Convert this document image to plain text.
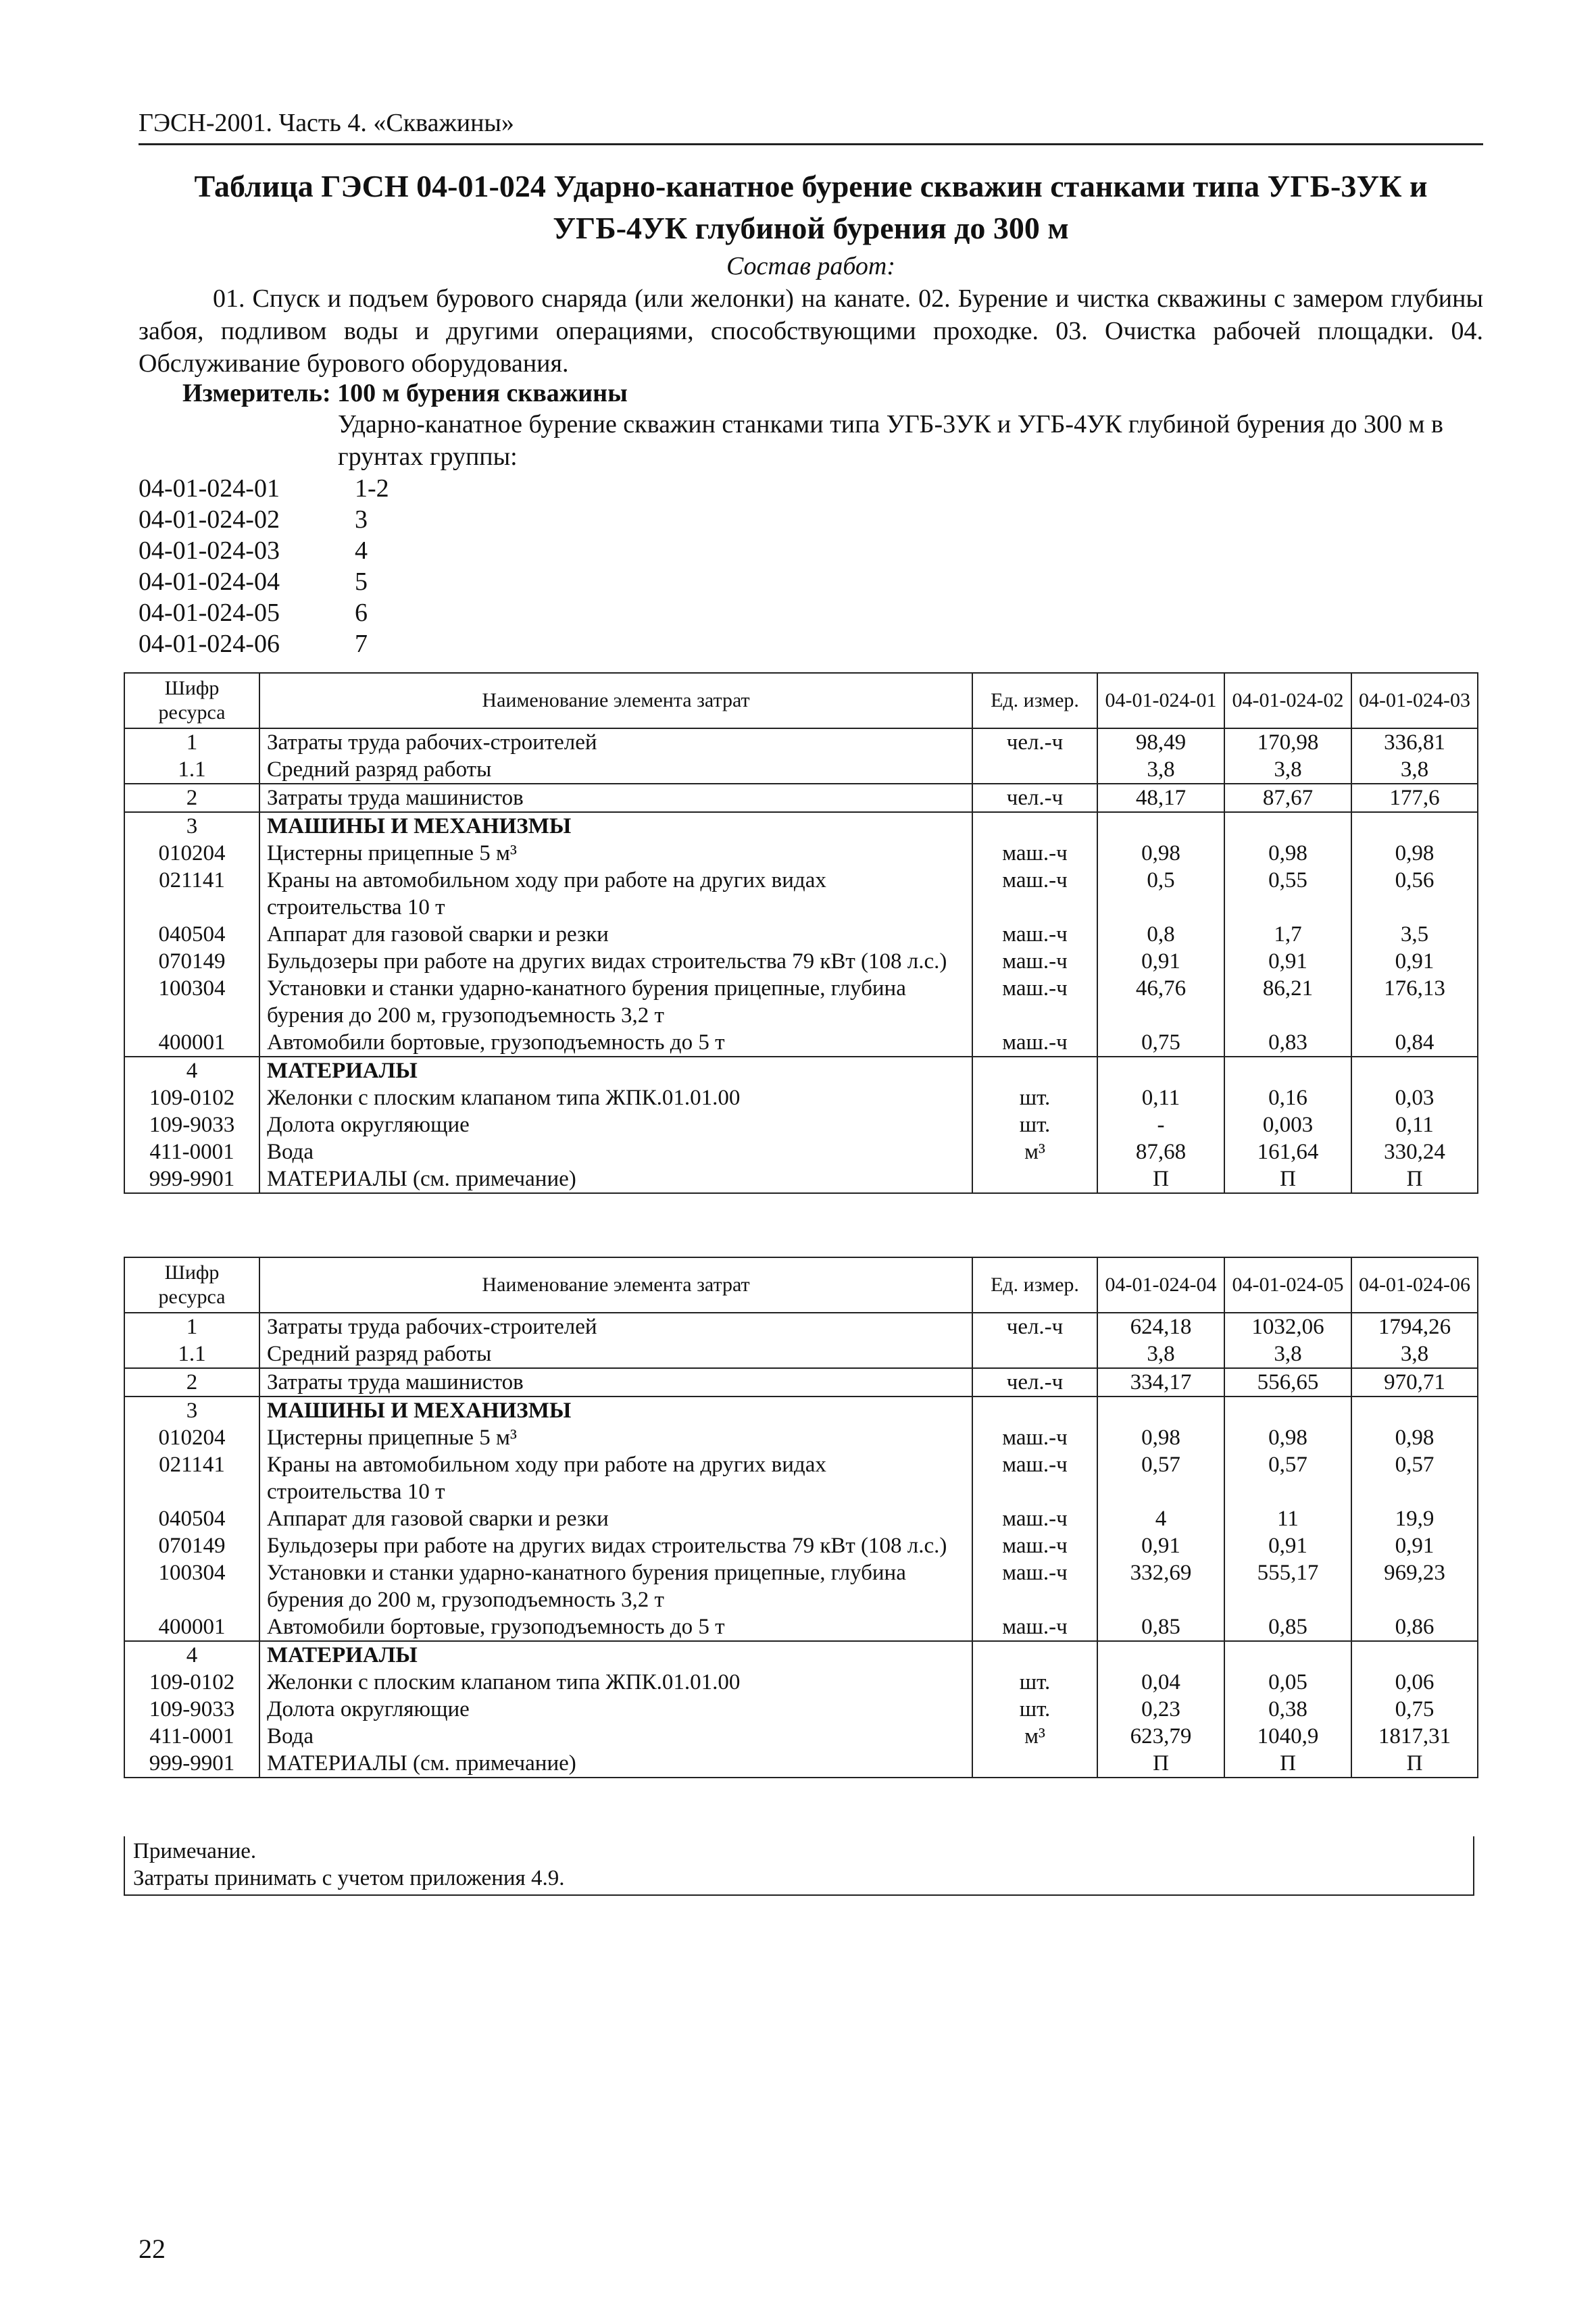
ГЭСН-2001. Часть 4. «Скважины»
Таблица ГЭСН 04-01-024 Ударно-канатное бурение скважин станками типа УГБ-3УК и УГБ-4УК глубиной бурения до 300 м
Состав работ:
01. Спуск и подъем бурового снаряда (или желонки) на канате. 02. Бурение и чистка скважины с замером глубины забоя, подливом воды и другими операциями, способствующими проходке. 03. Очистка рабочей площадки. 04. Обслуживание бурового оборудования.
Измеритель: 100 м бурения скважины
Ударно-канатное бурение скважин станками типа УГБ-3УК и УГБ-4УК глубиной бурения до 300 м в грунтах группы:
04-01-024-01	1-2
04-01-024-02	3
04-01-024-03	4
04-01-024-04	5
04-01-024-05	6
04-01-024-06	7
Шифр ресурса	Наименование элемента затрат	Ед. измер.	04-01-024-01	04-01-024-02	04-01-024-03
1	Затраты труда рабочих-строителей	чел.-ч	98,49	170,98	336,81
1.1	Средний разряд работы		3,8	3,8	3,8
2	Затраты труда машинистов	чел.-ч	48,17	87,67	177,6
3	МАШИНЫ И МЕХАНИЗМЫ				
010204	Цистерны прицепные 5 м³	маш.-ч	0,98	0,98	0,98
021141	Краны на автомобильном ходу при работе на других видах строительства 10 т	маш.-ч	0,5	0,55	0,56
040504	Аппарат для газовой сварки и резки	маш.-ч	0,8	1,7	3,5
070149	Бульдозеры при работе на других видах строительства 79 кВт (108 л.с.)	маш.-ч	0,91	0,91	0,91
100304	Установки и станки ударно-канатного бурения прицепные, глубина бурения до 200 м, грузоподъемность 3,2 т	маш.-ч	46,76	86,21	176,13
400001	Автомобили бортовые, грузоподъемность до 5 т	маш.-ч	0,75	0,83	0,84
4	МАТЕРИАЛЫ				
109-0102	Желонки с плоским клапаном типа ЖПК.01.01.00	шт.	0,11	0,16	0,03
109-9033	Долота округляющие	шт.	-	0,003	0,11
411-0001	Вода	м³	87,68	161,64	330,24
999-9901	МАТЕРИАЛЫ (см. примечание)		П	П	П
Шифр ресурса	Наименование элемента затрат	Ед. измер.	04-01-024-04	04-01-024-05	04-01-024-06
1	Затраты труда рабочих-строителей	чел.-ч	624,18	1032,06	1794,26
1.1	Средний разряд работы		3,8	3,8	3,8
2	Затраты труда машинистов	чел.-ч	334,17	556,65	970,71
3	МАШИНЫ И МЕХАНИЗМЫ				
010204	Цистерны прицепные 5 м³	маш.-ч	0,98	0,98	0,98
021141	Краны на автомобильном ходу при работе на других видах строительства 10 т	маш.-ч	0,57	0,57	0,57
040504	Аппарат для газовой сварки и резки	маш.-ч	4	11	19,9
070149	Бульдозеры при работе на других видах строительства 79 кВт (108 л.с.)	маш.-ч	0,91	0,91	0,91
100304	Установки и станки ударно-канатного бурения прицепные, глубина бурения до 200 м, грузоподъемность 3,2 т	маш.-ч	332,69	555,17	969,23
400001	Автомобили бортовые, грузоподъемность до 5 т	маш.-ч	0,85	0,85	0,86
4	МАТЕРИАЛЫ				
109-0102	Желонки с плоским клапаном типа ЖПК.01.01.00	шт.	0,04	0,05	0,06
109-9033	Долота округляющие	шт.	0,23	0,38	0,75
411-0001	Вода	м³	623,79	1040,9	1817,31
999-9901	МАТЕРИАЛЫ (см. примечание)		П	П	П
Примечание.
Затраты принимать с учетом приложения 4.9.
22
